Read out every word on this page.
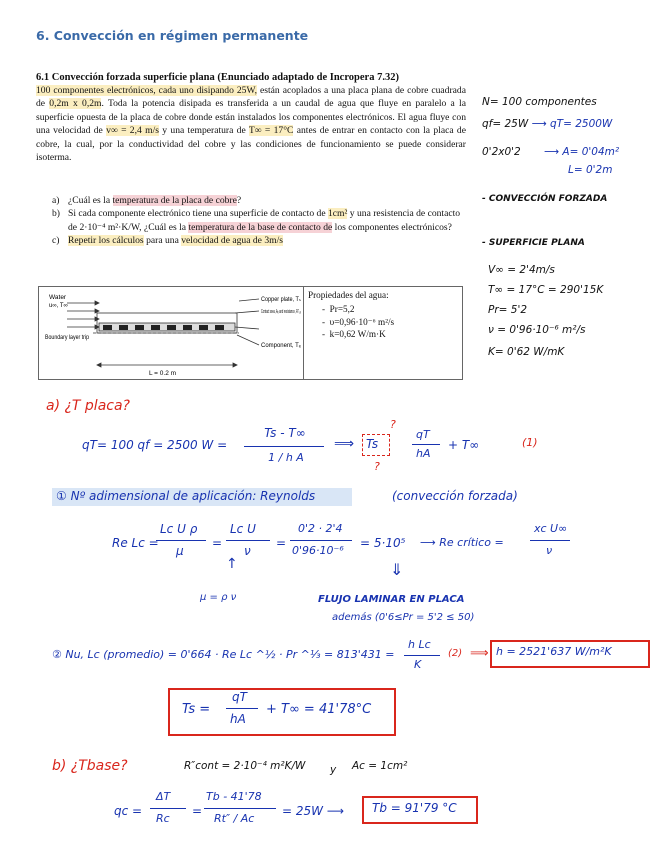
6. Convección en régimen permanente
6.1 Convección forzada superficie plana (Enunciado adaptado de Incropera 7.32)
100 componentes electrónicos, cada uno disipando 25W, están acoplados a una placa plana de cobre cuadrada de 0,2m x 0,2m. Toda la potencia disipada es transferida a un caudal de agua que fluye en paralelo a la superficie opuesta de la placa de cobre donde están instalados los componentes electrónicos. El agua fluye con una velocidad de v∞ = 2,4 m/s y una temperatura de T∞ = 17°C antes de entrar en contacto con la placa de cobre, la cual, por la conductividad del cobre y las condiciones de funcionamiento se puede considerar isoterma.
a) ¿Cuál es la temperatura de la placa de cobre?
b) Si cada componente electrónico tiene una superficie de contacto de 1cm² y una resistencia de contacto de 2·10⁻⁴ m²·K/W, ¿Cuál es la temperatura de la base de contacto de los componentes electrónicos?
c) Repetir los cálculos para una velocidad de agua de 3m/s
Water
u∞, T∞
Boundary layer trip
Copper plate, Tₛ
Contact area, Aₑ and resistance, R″ₜ,ₑ
Component, Tₑ
L = 0.2 m
Propiedades del agua:
-  Pr=5,2
-  υ=0,96·10⁻⁶ m²/s
-  k=0,62 W/m·K
N= 100 componentes
qf= 25W ⟶ qT= 2500W
0'2x0'2 ⟶ A= 0'04m²
L= 0'2m
- CONVECCIÓN FORZADA
- SUPERFICIE PLANA
V∞ = 2'4m/s
T∞ = 17°C = 290'15K
Pr= 5'2
ν = 0'96·10⁻⁶ m²/s
K= 0'62 W/mK
a) ¿T placa?
qT= 100 qf = 2500 W =
Ts - T∞
1 / h A
⟹ Ts
?
?
qT
hA
+ T∞	(1)
① Nº adimensional de aplicación: Reynolds	(convección forzada)
Re Lc =
Lc U ρ
μ
=
Lc U
ν
=
0'2 · 2'4
0'96·10⁻⁶
= 5·10⁵ ⟶ Re crítico =
xc U∞
ν
↑	⇓
μ = ρ ν	FLUJO LAMINAR EN PLACA
además (0'6≤Pr = 5'2 ≤ 50)
② Nu, Lc (promedio) = 0'664 · Re Lc ^½ · Pr ^⅓ = 813'431 =
h Lc
K
(2) ⟹ h = 2521'637 W/m²K
Ts =
qT
hA
+ T∞ = 41'78°C
b) ¿Tbase?	R″cont = 2·10⁻⁴ m²K/W y Ac = 1cm²
qc =
ΔT
Rc
=
Tb - 41'78
Rt″ / Ac
= 25W ⟶ Tb = 91'79 °C
